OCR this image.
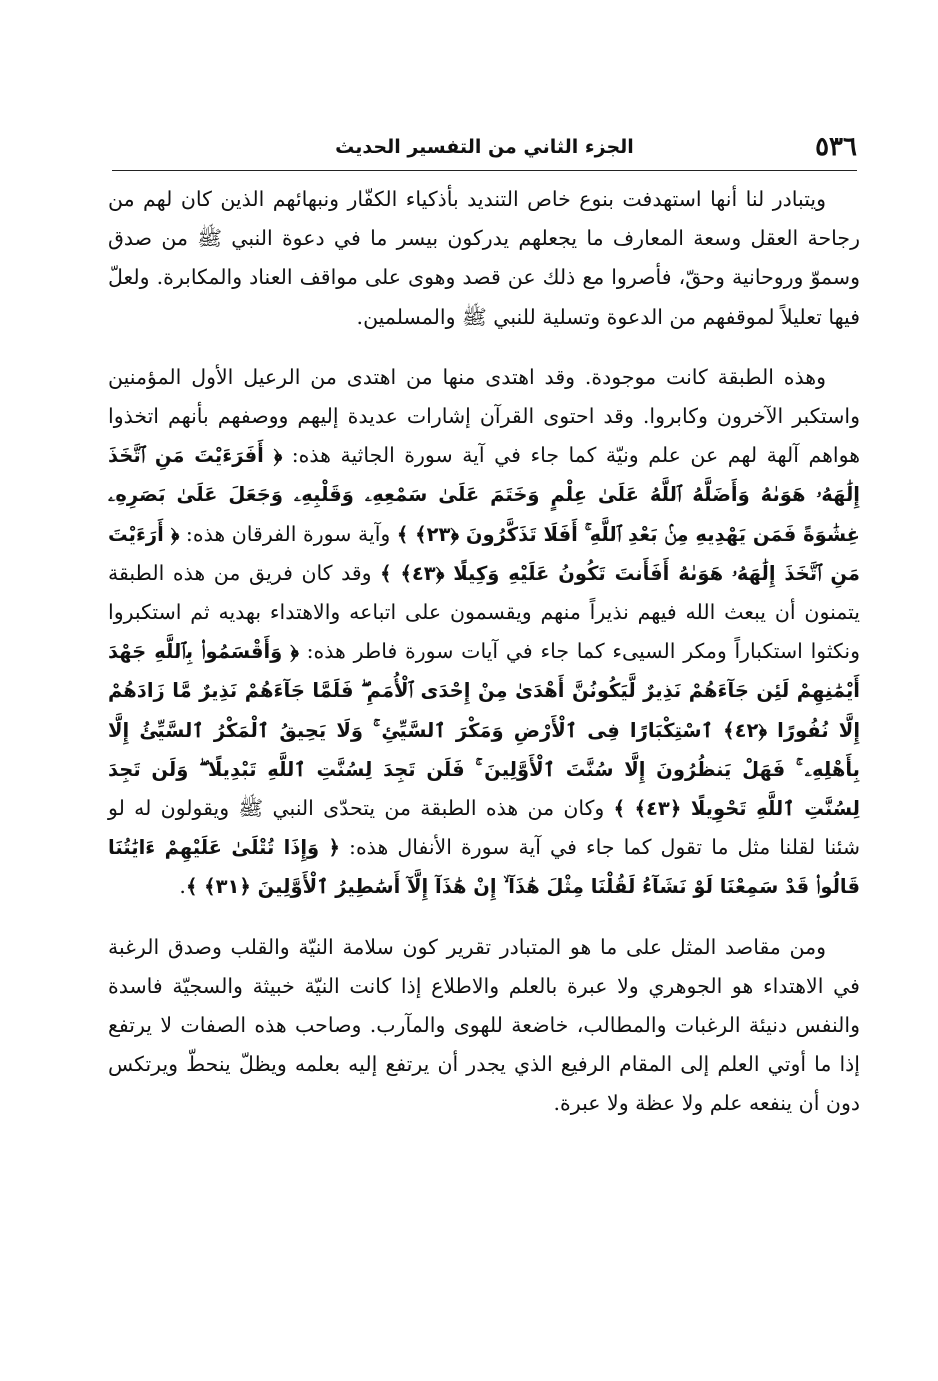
٥٣٦
الجزء الثاني من التفسير الحديث

ويتبادر لنا أنها استهدفت بنوع خاص التنديد بأذكياء الكفّار ونبهائهم الذين كان لهم من رجاحة العقل وسعة المعارف ما يجعلهم يدركون بيسر ما في دعوة النبي ﷺ من صدق وسموّ وروحانية وحقّ، فأصروا مع ذلك عن قصد وهوى على مواقف العناد والمكابرة. ولعلّ فيها تعليلاً لموقفهم من الدعوة وتسلية للنبي ﷺ والمسلمين.

وهذه الطبقة كانت موجودة. وقد اهتدى منها من اهتدى من الرعيل الأول المؤمنين واستكبر الآخرون وكابروا. وقد احتوى القرآن إشارات عديدة إليهم ووصفهم بأنهم اتخذوا هواهم آلهة لهم عن علم ونيّة كما جاء في آية سورة الجاثية هذه: ﴿ أَفَرَءَيْتَ مَنِ ٱتَّخَذَ إِلَٰهَهُۥ هَوَىٰهُ وَأَضَلَّهُ ٱللَّهُ عَلَىٰ عِلْمٍ وَخَتَمَ عَلَىٰ سَمْعِهِۦ وَقَلْبِهِۦ وَجَعَلَ عَلَىٰ بَصَرِهِۦ غِشَٰوَةً فَمَن يَهْدِيهِ مِنۢ بَعْدِ ٱللَّهِ ۚ أَفَلَا تَذَكَّرُونَ ﴿٢٣﴾ ﴾ وآية سورة الفرقان هذه: ﴿ أَرَءَيْتَ مَنِ ٱتَّخَذَ إِلَٰهَهُۥ هَوَىٰهُ أَفَأَنتَ تَكُونُ عَلَيْهِ وَكِيلًا ﴿٤٣﴾ ﴾ وقد كان فريق من هذه الطبقة يتمنون أن يبعث الله فيهم نذيراً منهم ويقسمون على اتباعه والاهتداء بهديه ثم استكبروا ونكثوا استكباراً ومكر السيىء كما جاء في آيات سورة فاطر هذه: ﴿ وَأَقْسَمُوا۟ بِٱللَّهِ جَهْدَ أَيْمَٰنِهِمْ لَئِن جَآءَهُمْ نَذِيرٌ لَّيَكُونُنَّ أَهْدَىٰ مِنْ إِحْدَى ٱلْأُمَمِ ۖ فَلَمَّا جَآءَهُمْ نَذِيرٌ مَّا زَادَهُمْ إِلَّا نُفُورًا ﴿٤٢﴾ ٱسْتِكْبَارًا فِى ٱلْأَرْضِ وَمَكْرَ ٱلسَّيِّئِ ۚ وَلَا يَحِيقُ ٱلْمَكْرُ ٱلسَّيِّئُ إِلَّا بِأَهْلِهِۦ ۚ فَهَلْ يَنظُرُونَ إِلَّا سُنَّتَ ٱلْأَوَّلِينَ ۚ فَلَن تَجِدَ لِسُنَّتِ ٱللَّهِ تَبْدِيلًا ۖ وَلَن تَجِدَ لِسُنَّتِ ٱللَّهِ تَحْوِيلًا ﴿٤٣﴾ ﴾ وكان من هذه الطبقة من يتحدّى النبي ﷺ ويقولون له لو شئنا لقلنا مثل ما تقول كما جاء في آية سورة الأنفال هذه: ﴿ وَإِذَا تُتْلَىٰ عَلَيْهِمْ ءَايَٰتُنَا قَالُوا۟ قَدْ سَمِعْنَا لَوْ نَشَآءُ لَقُلْنَا مِثْلَ هَٰذَآ ۙ إِنْ هَٰذَآ إِلَّآ أَسَٰطِيرُ ٱلْأَوَّلِينَ ﴿٣١﴾ ﴾.

ومن مقاصد المثل على ما هو المتبادر تقرير كون سلامة النيّة والقلب وصدق الرغبة في الاهتداء هو الجوهري ولا عبرة بالعلم والاطلاع إذا كانت النيّة خبيثة والسجيّة فاسدة والنفس دنيئة الرغبات والمطالب، خاضعة للهوى والمآرب. وصاحب هذه الصفات لا يرتفع إذا ما أوتي العلم إلى المقام الرفيع الذي يجدر أن يرتفع إليه بعلمه ويظلّ ينحطّ ويرتكس دون أن ينفعه علم ولا عظة ولا عبرة.
